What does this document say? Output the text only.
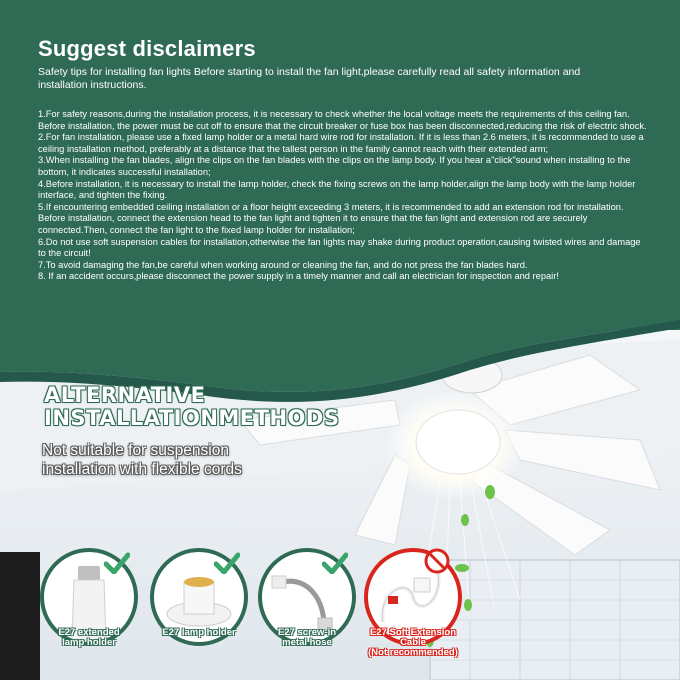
Suggest disclaimers
Safety tips for installing fan lights Before starting to install the fan light,please carefully read all safety information and installation instructions.

1.For safety reasons,during the installation process, it is necessary to check whether the local voltage meets the requirements of this ceiling fan. Before installation, the power must be cut off to ensure that the circuit breaker or fuse box has been disconnected,reducing the risk of electric shock.

2.For fan installation, please use a fixed lamp holder or a metal hard wire rod for installation. If it is less than 2.6 meters, it is recommended to use a ceiling installation method, preferably at a distance that the tallest person in the family cannot reach with their extended arm;

3.When installing the fan blades, align the clips on the fan blades with the clips on the lamp body. If you hear a"click"sound when installing to the bottom, it indicates successful installation;

4.Before installation, it is necessary to install the lamp holder, check the fixing screws on the lamp holder,align the lamp body with the lamp holder interface, and tighten the fixing.

5.If encountering embedded ceiling installation or a floor height exceeding 3 meters, it is recommended to add an extension rod for installation. Before installation, connect the extension head to the fan light and tighten it to ensure that the fan light and extension rod are securely connected.Then, connect the fan light to the fixed lamp holder for installation;

6.Do not use soft suspension cables for installation,otherwise the fan lights may shake during product operation,causing twisted wires and damage to the circuit!

7.To avoid damaging the fan,be careful when working around or cleaning the fan, and do not press the fan blades hard.

8. If an accident occurs,please disconnect the power supply in a timely manner and call an electrician for inspection and repair!

ALTERNATIVE
INSTALLATIONMETHODS
Not suitable for suspension
installation with flexible cords
E27 extended
lamp holder
E27 lamp holder	E27 screw-in
metal hose
E27 Soft Extension Cable
(Not recommended)
